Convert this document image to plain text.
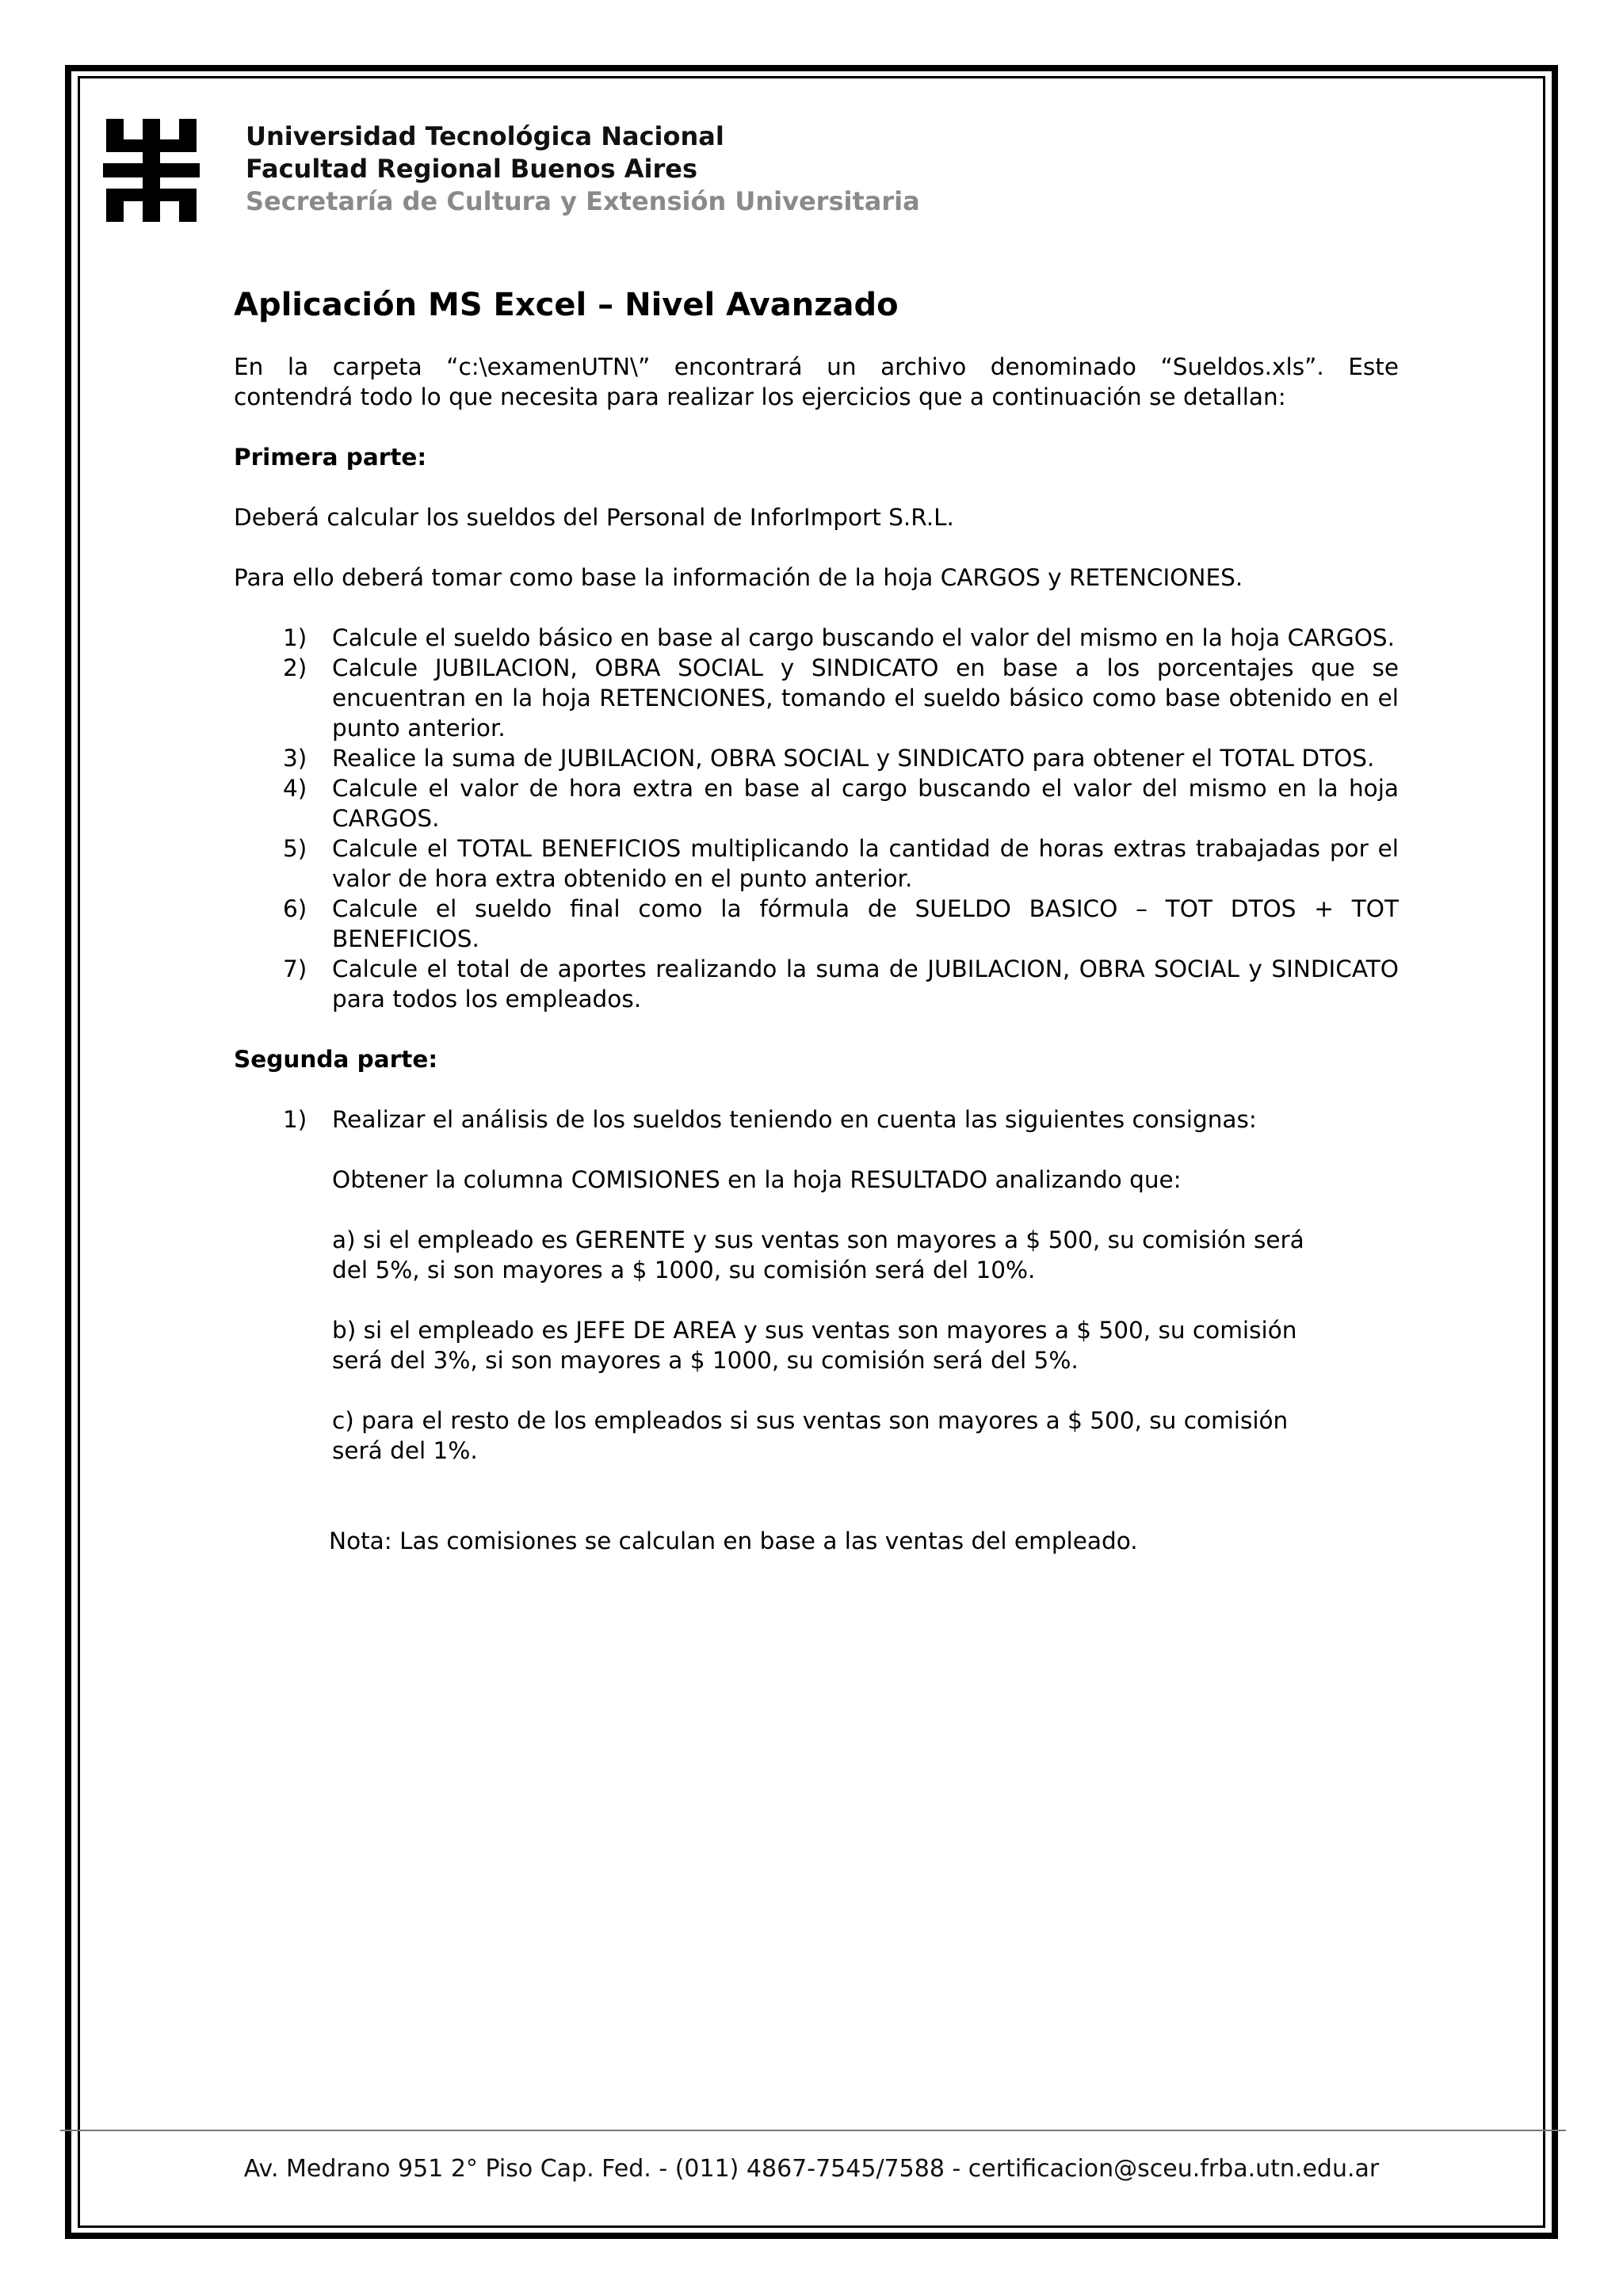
Universidad Tecnológica Nacional
Facultad Regional Buenos Aires
Secretaría de Cultura y Extensión Universitaria
Aplicación MS Excel – Nivel Avanzado

En la carpeta “c:\examenUTN\” encontrará un archivo denominado “Sueldos.xls”. Este

contendrá todo lo que necesita para realizar los ejercicios que a continuación se detallan:

Primera parte:

Deberá calcular los sueldos del Personal de InforImport S.R.L.

Para ello deberá tomar como base la información de la hoja CARGOS y RETENCIONES.

1) Calcule el sueldo básico en base al cargo buscando el valor del mismo en la hoja CARGOS.
2) Calcule JUBILACION, OBRA SOCIAL y SINDICATO en base a los porcentajes que se encuentran en la hoja RETENCIONES, tomando el sueldo básico como base obtenido en el punto anterior.
3) Realice la suma de JUBILACION, OBRA SOCIAL y SINDICATO para obtener el TOTAL DTOS.
4) Calcule el valor de hora extra en base al cargo buscando el valor del mismo en la hoja CARGOS.
5) Calcule el TOTAL BENEFICIOS multiplicando la cantidad de horas extras trabajadas por el valor de hora extra obtenido en el punto anterior.
6) Calcule el sueldo final como la fórmula de SUELDO BASICO – TOT DTOS + TOT BENEFICIOS.
7) Calcule el total de aportes realizando la suma de JUBILACION, OBRA SOCIAL y SINDICATO para todos los empleados.

Segunda parte:

1) Realizar el análisis de los sueldos teniendo en cuenta las siguientes consignas:

Obtener la columna COMISIONES en la hoja RESULTADO analizando que:

a) si el empleado es GERENTE y sus ventas son mayores a $ 500, su comisión será

del 5%, si son mayores a $ 1000, su comisión será del 10%.

b) si el empleado es JEFE DE AREA y sus ventas son mayores a $ 500, su comisión

será del 3%, si son mayores a $ 1000, su comisión será del 5%.

c) para el resto de los empleados si sus ventas son mayores a $ 500, su comisión

será del 1%.

Nota: Las comisiones se calculan en base a las ventas del empleado.

Av. Medrano 951 2° Piso Cap. Fed. - (011) 4867-7545/7588 - certificacion@sceu.frba.utn.edu.ar
